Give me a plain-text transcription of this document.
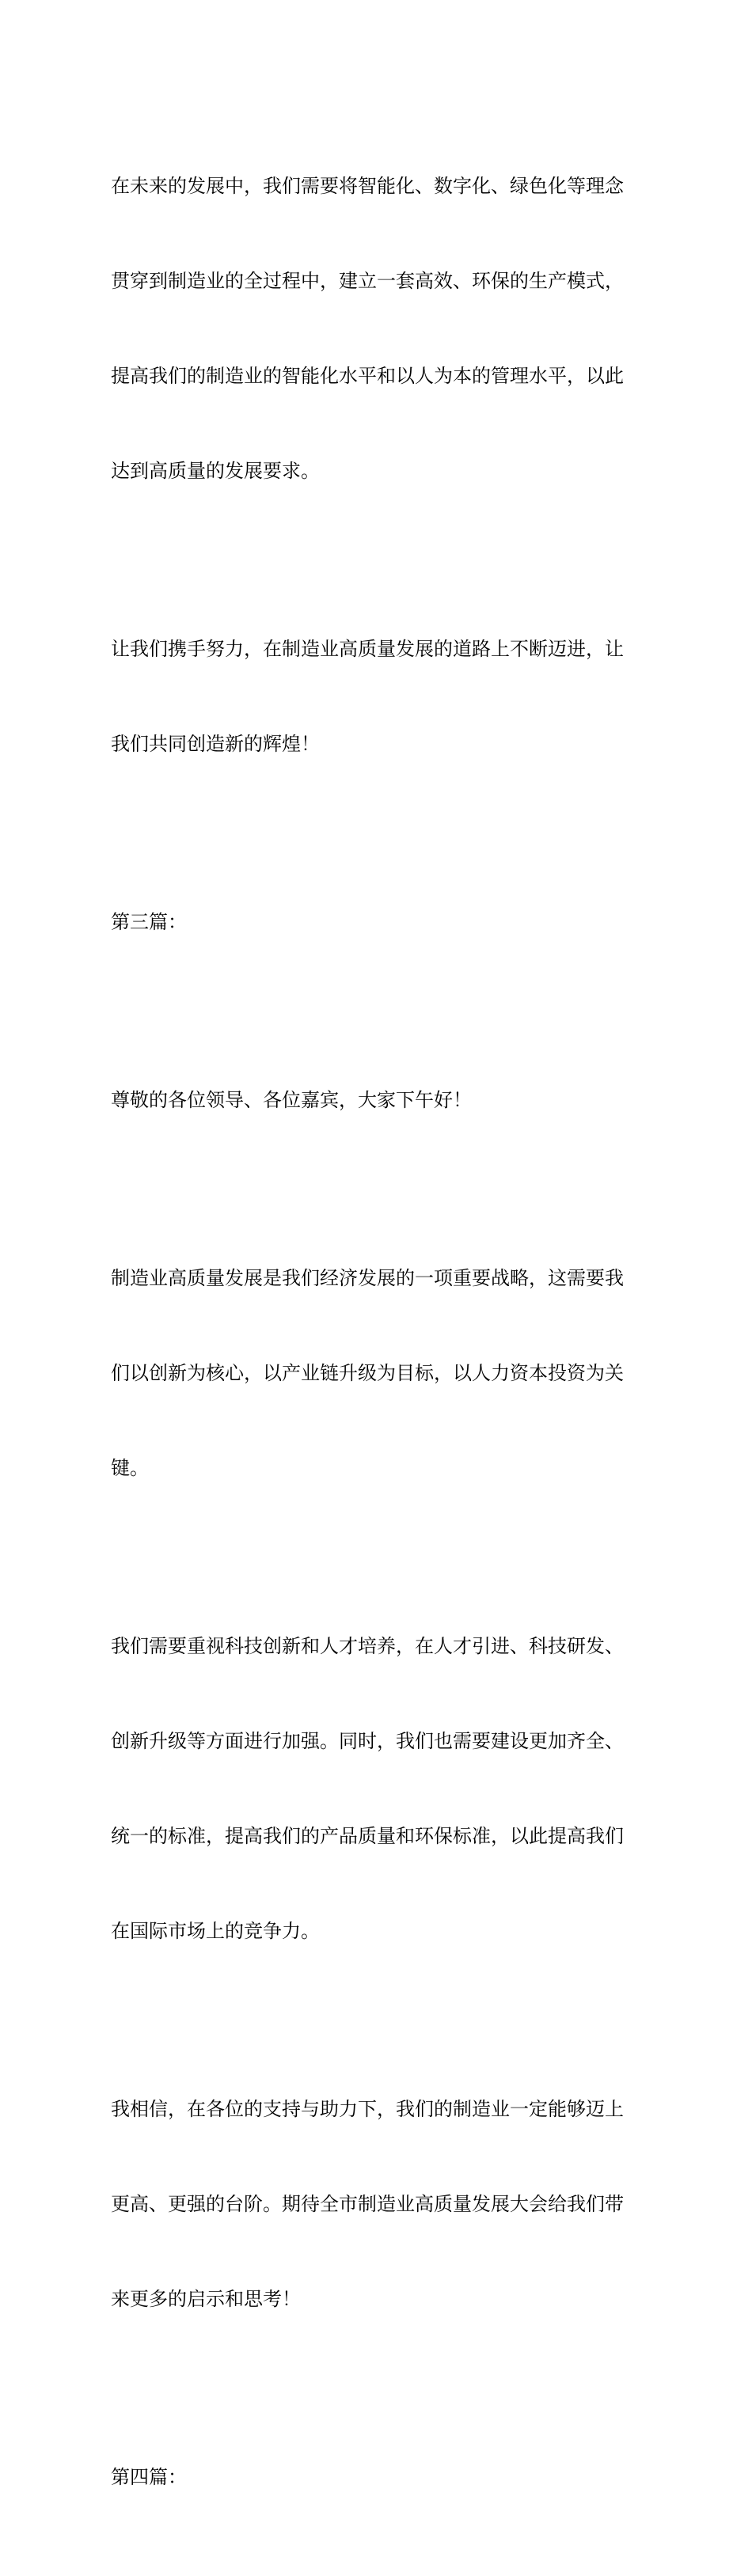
在未来的发展中，我们需要将智能化、数字化、绿色化等理念

贯穿到制造业的全过程中，建立一套高效、环保的生产模式，

提高我们的制造业的智能化水平和以人为本的管理水平，以此

达到高质量的发展要求。

让我们携手努力，在制造业高质量发展的道路上不断迈进，让

我们共同创造新的辉煌！

第三篇：

尊敬的各位领导、各位嘉宾，大家下午好！

制造业高质量发展是我们经济发展的一项重要战略，这需要我

们以创新为核心，以产业链升级为目标，以人力资本投资为关

键。

我们需要重视科技创新和人才培养，在人才引进、科技研发、

创新升级等方面进行加强。同时，我们也需要建设更加齐全、

统一的标准，提高我们的产品质量和环保标准，以此提高我们

在国际市场上的竞争力。

我相信，在各位的支持与助力下，我们的制造业一定能够迈上

更高、更强的台阶。期待全市制造业高质量发展大会给我们带

来更多的启示和思考！

第四篇：
